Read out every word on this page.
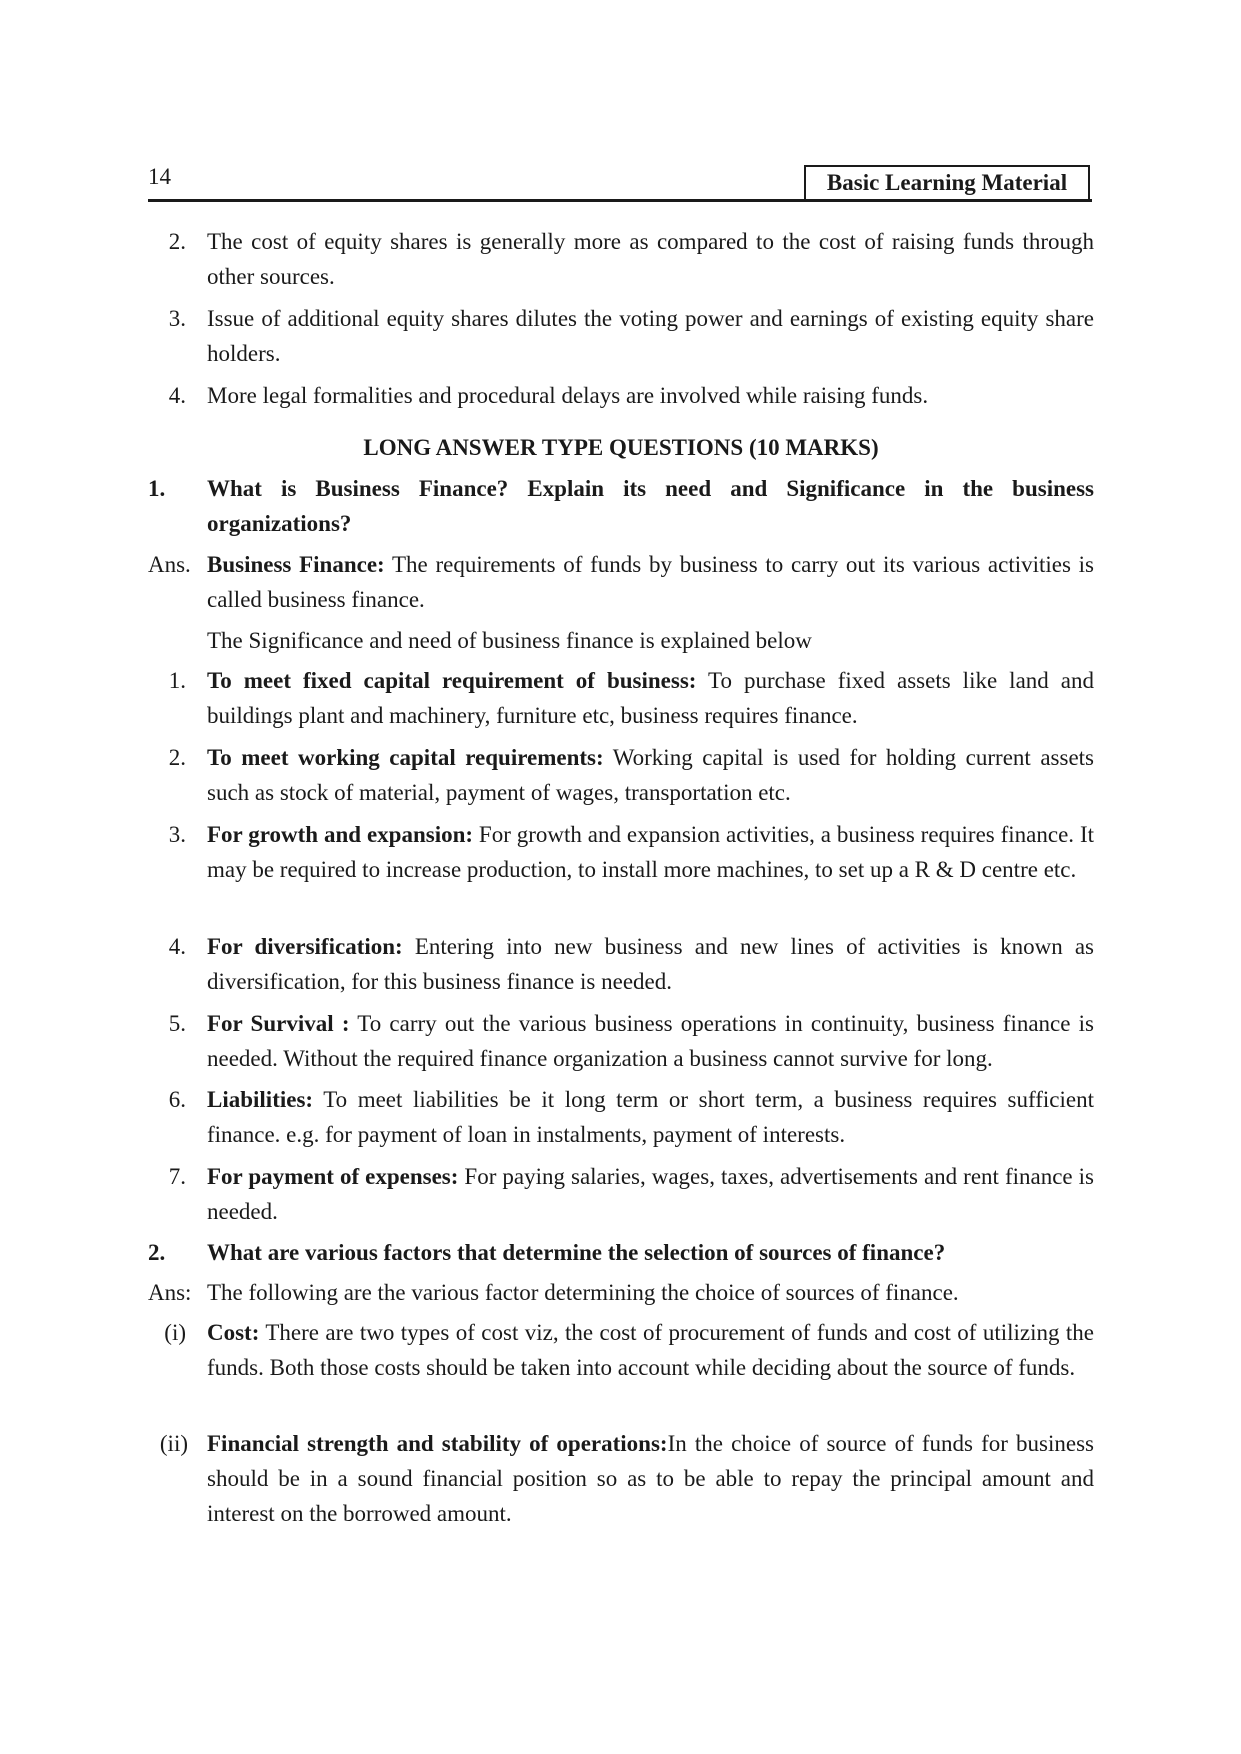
14	Basic Learning Material
2. The cost of equity shares is generally more as compared to the cost of raising funds through other sources.
3. Issue of additional equity shares dilutes the voting power and earnings of existing equity share holders.
4. More legal formalities and procedural delays are involved while raising funds.
LONG ANSWER TYPE QUESTIONS (10 MARKS)
1.	What is Business Finance? Explain its need and Significance in the business organizations?
Ans. Business Finance: The requirements of funds by business to carry out its various activities is called business finance.
The Significance and need of business finance is explained below
1. To meet fixed capital requirement of business: To purchase fixed assets like land and buildings plant and machinery, furniture etc, business requires finance.
2. To meet working capital requirements: Working capital is used for holding current assets such as stock of material, payment of wages, transportation etc.
3. For growth and expansion: For growth and expansion activities, a business requires finance. It may be required to increase production, to install more machines, to set up a R & D centre etc.
4. For diversification: Entering into new business and new lines of activities is known as diversification, for this business finance is needed.
5. For Survival : To carry out the various business operations in continuity, business finance is needed. Without the required finance organization a business cannot survive for long.
6. Liabilities: To meet liabilities be it long term or short term, a business requires sufficient finance. e.g. for payment of loan in instalments, payment of interests.
7. For payment of expenses: For paying salaries, wages, taxes, advertisements and rent finance is needed.
2.	What are various factors that determine the selection of sources of finance?
Ans: The following are the various factor determining the choice of sources of finance.
(i) Cost: There are two types of cost viz, the cost of procurement of funds and cost of utilizing the funds. Both those costs should be taken into account while deciding about the source of funds.
(ii) Financial strength and stability of operations:In the choice of source of funds for business should be in a sound financial position so as to be able to repay the principal amount and interest on the borrowed amount.
